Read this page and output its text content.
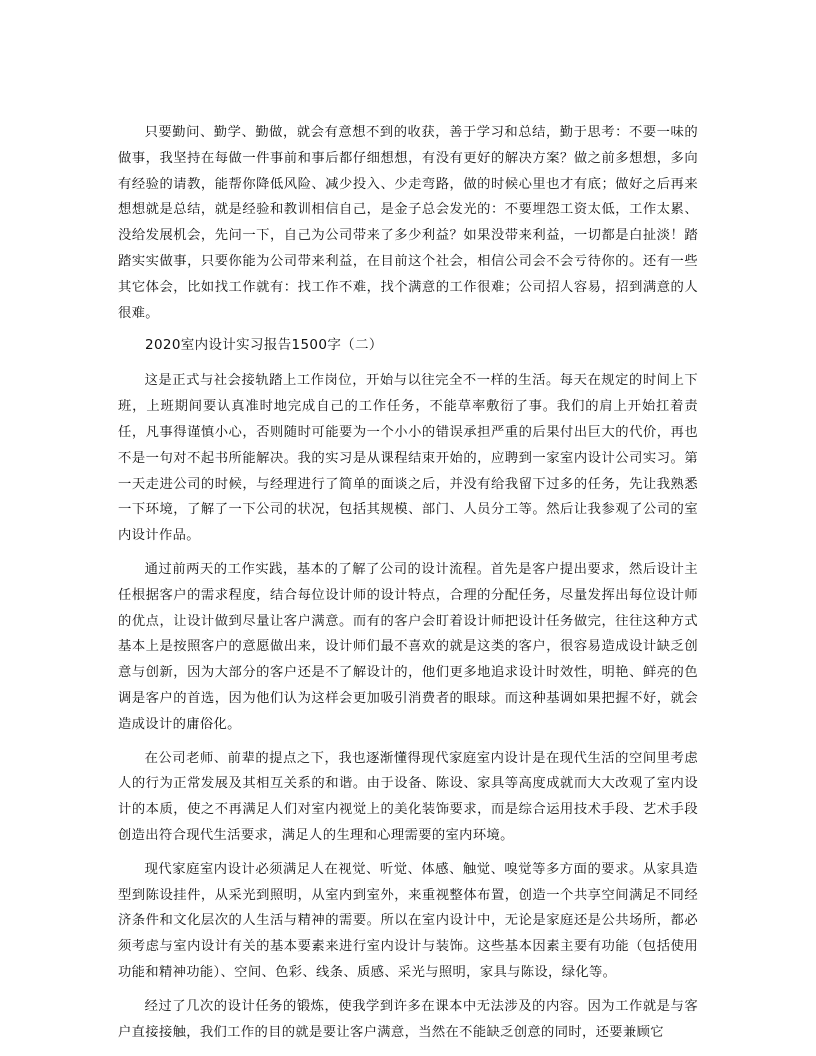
只要勤问、勤学、勤做，就会有意想不到的收获，善于学习和总结，勤于思考：不要一味的做事，我坚持在每做一件事前和事后都仔细想想，有没有更好的解决方案？做之前多想想，多向有经验的请教，能帮你降低风险、减少投入、少走弯路，做的时候心里也才有底；做好之后再来想想就是总结，就是经验和教训相信自己，是金子总会发光的：不要埋怨工资太低，工作太累、没给发展机会，先问一下，自己为公司带来了多少利益？如果没带来利益，一切都是白扯淡！踏踏实实做事，只要你能为公司带来利益，在目前这个社会，相信公司会不会亏待你的。还有一些其它体会，比如找工作就有：找工作不难，找个满意的工作很难；公司招人容易，招到满意的人很难。

2020室内设计实习报告1500字（二）

这是正式与社会接轨踏上工作岗位，开始与以往完全不一样的生活。每天在规定的时间上下班，上班期间要认真准时地完成自己的工作任务，不能草率敷衍了事。我们的肩上开始扛着责任，凡事得谨慎小心，否则随时可能要为一个小小的错误承担严重的后果付出巨大的代价，再也不是一句对不起书所能解决。我的实习是从课程结束开始的，应聘到一家室内设计公司实习。第一天走进公司的时候，与经理进行了简单的面谈之后，并没有给我留下过多的任务，先让我熟悉一下环境，了解了一下公司的状况，包括其规模、部门、人员分工等。然后让我参观了公司的室内设计作品。

通过前两天的工作实践，基本的了解了公司的设计流程。首先是客户提出要求，然后设计主任根据客户的需求程度，结合每位设计师的设计特点，合理的分配任务，尽量发挥出每位设计师的优点，让设计做到尽量让客户满意。而有的客户会盯着设计师把设计任务做完，往往这种方式基本上是按照客户的意愿做出来，设计师们最不喜欢的就是这类的客户，很容易造成设计缺乏创意与创新，因为大部分的客户还是不了解设计的，他们更多地追求设计时效性，明艳、鲜亮的色调是客户的首选，因为他们认为这样会更加吸引消费者的眼球。而这种基调如果把握不好，就会造成设计的庸俗化。

在公司老师、前辈的提点之下，我也逐渐懂得现代家庭室内设计是在现代生活的空间里考虑人的行为正常发展及其相互关系的和谐。由于设备、陈设、家具等高度成就而大大改观了室内设计的本质，使之不再满足人们对室内视觉上的美化装饰要求，而是综合运用技术手段、艺术手段创造出符合现代生活要求，满足人的生理和心理需要的室内环境。

现代家庭室内设计必须满足人在视觉、听觉、体感、触觉、嗅觉等多方面的要求。从家具造型到陈设挂件，从采光到照明，从室内到室外，来重视整体布置，创造一个共享空间满足不同经济条件和文化层次的人生活与精神的需要。所以在室内设计中，无论是家庭还是公共场所，都必须考虑与室内设计有关的基本要素来进行室内设计与装饰。这些基本因素主要有功能（包括使用功能和精神功能）、空间、色彩、线条、质感、采光与照明，家具与陈设，绿化等。

经过了几次的设计任务的锻炼，使我学到许多在课本中无法涉及的内容。因为工作就是与客户直接接触，我们工作的目的就是要让客户满意，当然在不能缺乏创意的同时，还要兼顾它
